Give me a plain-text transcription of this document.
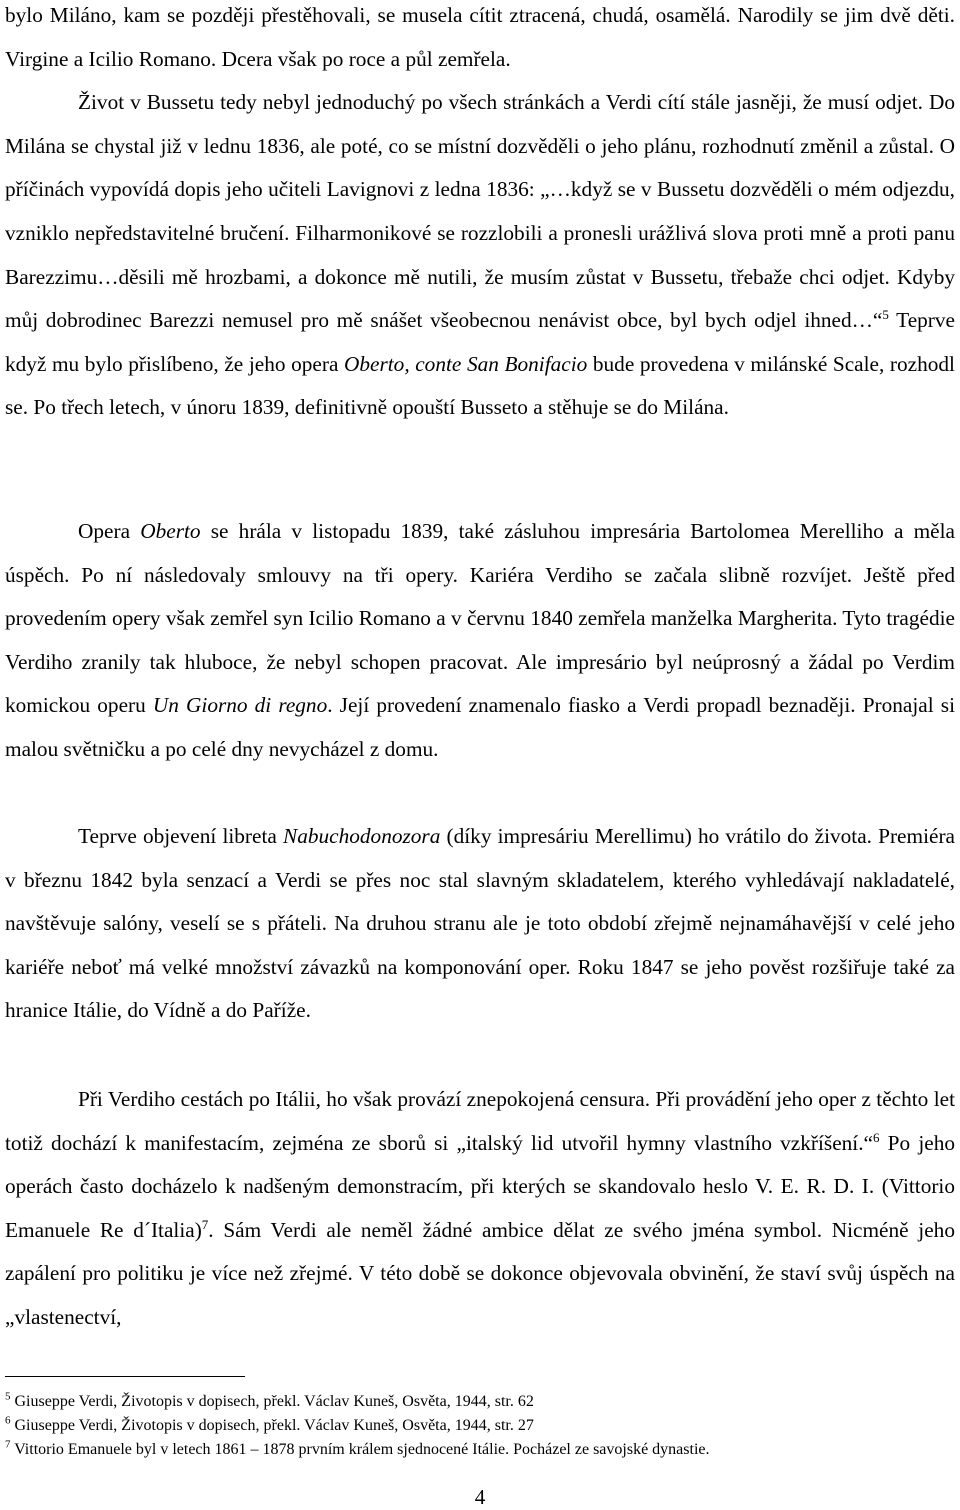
bylo Miláno, kam se později přestěhovali, se musela cítit ztracená, chudá, osamělá. Narodily se jim dvě děti. Virgine a Icilio Romano. Dcera však po roce a půl zemřela.
Život v Bussetu tedy nebyl jednoduchý po všech stránkách a Verdi cítí stále jasněji, že musí odjet. Do Milána se chystal již v lednu 1836, ale poté, co se místní dozvěděli o jeho plánu, rozhodnutí změnil a zůstal. O příčinách vypovídá dopis jeho učiteli Lavignovi z ledna 1836: „…když se v Bussetu dozvěděli o mém odjezdu, vzniklo nepředstavitelné bručení. Filharmonikové se rozzlobili a pronesli urážlivá slova proti mně a proti panu Barezzimu…děsili mě hrozbami, a dokonce mě nutili, že musím zůstat v Bussetu, třebaže chci odjet. Kdyby můj dobrodinec Barezzi nemusel pro mě snášet všeobecnou nenávist obce, byl bych odjel ihned…“$^5$ Teprve když mu bylo přislíbeno, že jeho opera Oberto, conte San Bonifacio bude provedena v milánské Scale, rozhodl se. Po třech letech, v únoru 1839, definitivně opouští Busseto a stěhuje se do Milána.

Opera Oberto se hrála v listopadu 1839, také zásluhou impresária Bartolomea Merelliho a měla úspěch. Po ní následovaly smlouvy na tři opery. Kariéra Verdiho se začala slibně rozvíjet. Ještě před provedením opery však zemřel syn Icilio Romano a v červnu 1840 zemřela manželka Margherita. Tyto tragédie Verdiho zranily tak hluboce, že nebyl schopen pracovat. Ale impresário byl neúprosný a žádal po Verdim komickou operu Un Giorno di regno. Její provedení znamenalo fiasko a Verdi propadl beznaději. Pronajal si malou světničku a po celé dny nevycházel z domu.

Teprve objevení libreta Nabuchodonozora (díky impresáriu Merellimu) ho vrátilo do života. Premiéra v březnu 1842 byla senzací a Verdi se přes noc stal slavným skladatelem, kterého vyhledávají nakladatelé, navštěvuje salóny, veselí se s přáteli. Na druhou stranu ale je toto období zřejmě nejnamáhavější v celé jeho kariéře neboť má velké množství závazků na komponování oper. Roku 1847 se jeho pověst rozšiřuje také za hranice Itálie, do Vídně a do Paříže.

Při Verdiho cestách po Itálii, ho však provází znepokojená censura. Při provádění jeho oper z těchto let totiž dochází k manifestacím, zejména ze sborů si „italský lid utvořil hymny vlastního vzkříšení.“$^6$ Po jeho operách často docházelo k nadšeným demonstracím, při kterých se skandovalo heslo V. E. R. D. I. (Vittorio Emanuele Re d´Italia)$^7$. Sám Verdi ale neměl žádné ambice dělat ze svého jména symbol. Nicméně jeho zapálení pro politiku je více než zřejmé. V této době se dokonce objevovala obvinění, že staví svůj úspěch na „vlastenectví,

$^5$ Giuseppe Verdi, Životopis v dopisech, překl. Václav Kuneš, Osvěta, 1944, str. 62

$^6$ Giuseppe Verdi, Životopis v dopisech, překl. Václav Kuneš, Osvěta, 1944, str. 27

$^7$ Vittorio Emanuele byl v letech 1861 – 1878 prvním králem sjednocené Itálie. Pocházel ze savojské dynastie.

4
